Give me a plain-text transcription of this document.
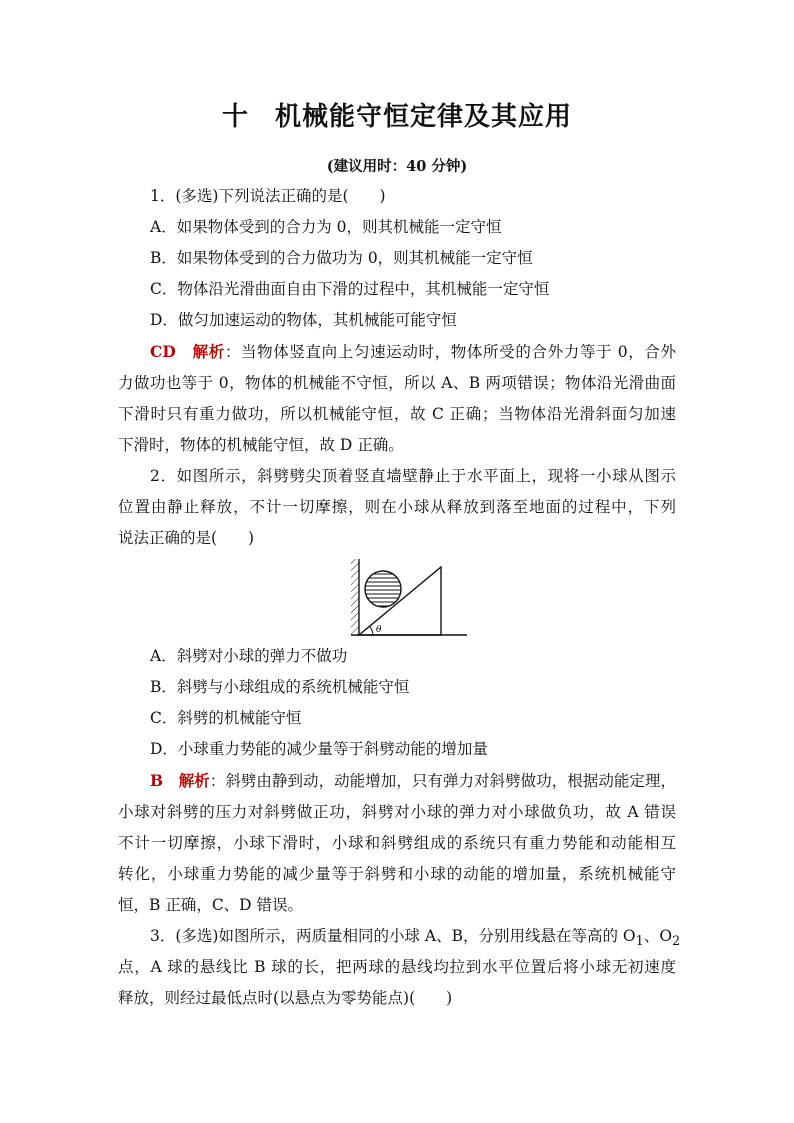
十 机械能守恒定律及其应用
(建议用时：40 分钟)
1．(多选)下列说法正确的是(　　)
A．如果物体受到的合力为 0，则其机械能一定守恒
B．如果物体受到的合力做功为 0，则其机械能一定守恒
C．物体沿光滑曲面自由下滑的过程中，其机械能一定守恒
D．做匀加速运动的物体，其机械能可能守恒
CD　 解析：当物体竖直向上匀速运动时，物体所受的合外力等于 0，合外
力做功也等于 0，物体的机械能不守恒，所以 A、B 两项错误；物体沿光滑曲面
下滑时只有重力做功，所以机械能守恒，故 C 正确；当物体沿光滑斜面匀加速
下滑时，物体的机械能守恒，故 D 正确。
2．如图所示，斜劈劈尖顶着竖直墙壁静止于水平面上，现将一小球从图示
位置由静止释放，不计一切摩擦，则在小球从释放到落至地面的过程中，下列
说法正确的是(　　)
θ
A．斜劈对小球的弹力不做功
B．斜劈与小球组成的系统机械能守恒
C．斜劈的机械能守恒
D．小球重力势能的减少量等于斜劈动能的增加量
B　 解析：斜劈由静到动，动能增加，只有弹力对斜劈做功，根据动能定理，
小球对斜劈的压力对斜劈做正功，斜劈对小球的弹力对小球做负功，故 A 错误
不计一切摩擦，小球下滑时，小球和斜劈组成的系统只有重力势能和动能相互
转化，小球重力势能的减少量等于斜劈和小球的动能的增加量，系统机械能守
恒，B 正确，C、D 错误。
3．(多选)如图所示，两质量相同的小球 A、B，分别用线悬在等高的 $O_1$、$O_2$
点，A 球的悬线比 B 球的长，把两球的悬线均拉到水平位置后将小球无初速度
释放，则经过最低点时(以悬点为零势能点)(　　)
